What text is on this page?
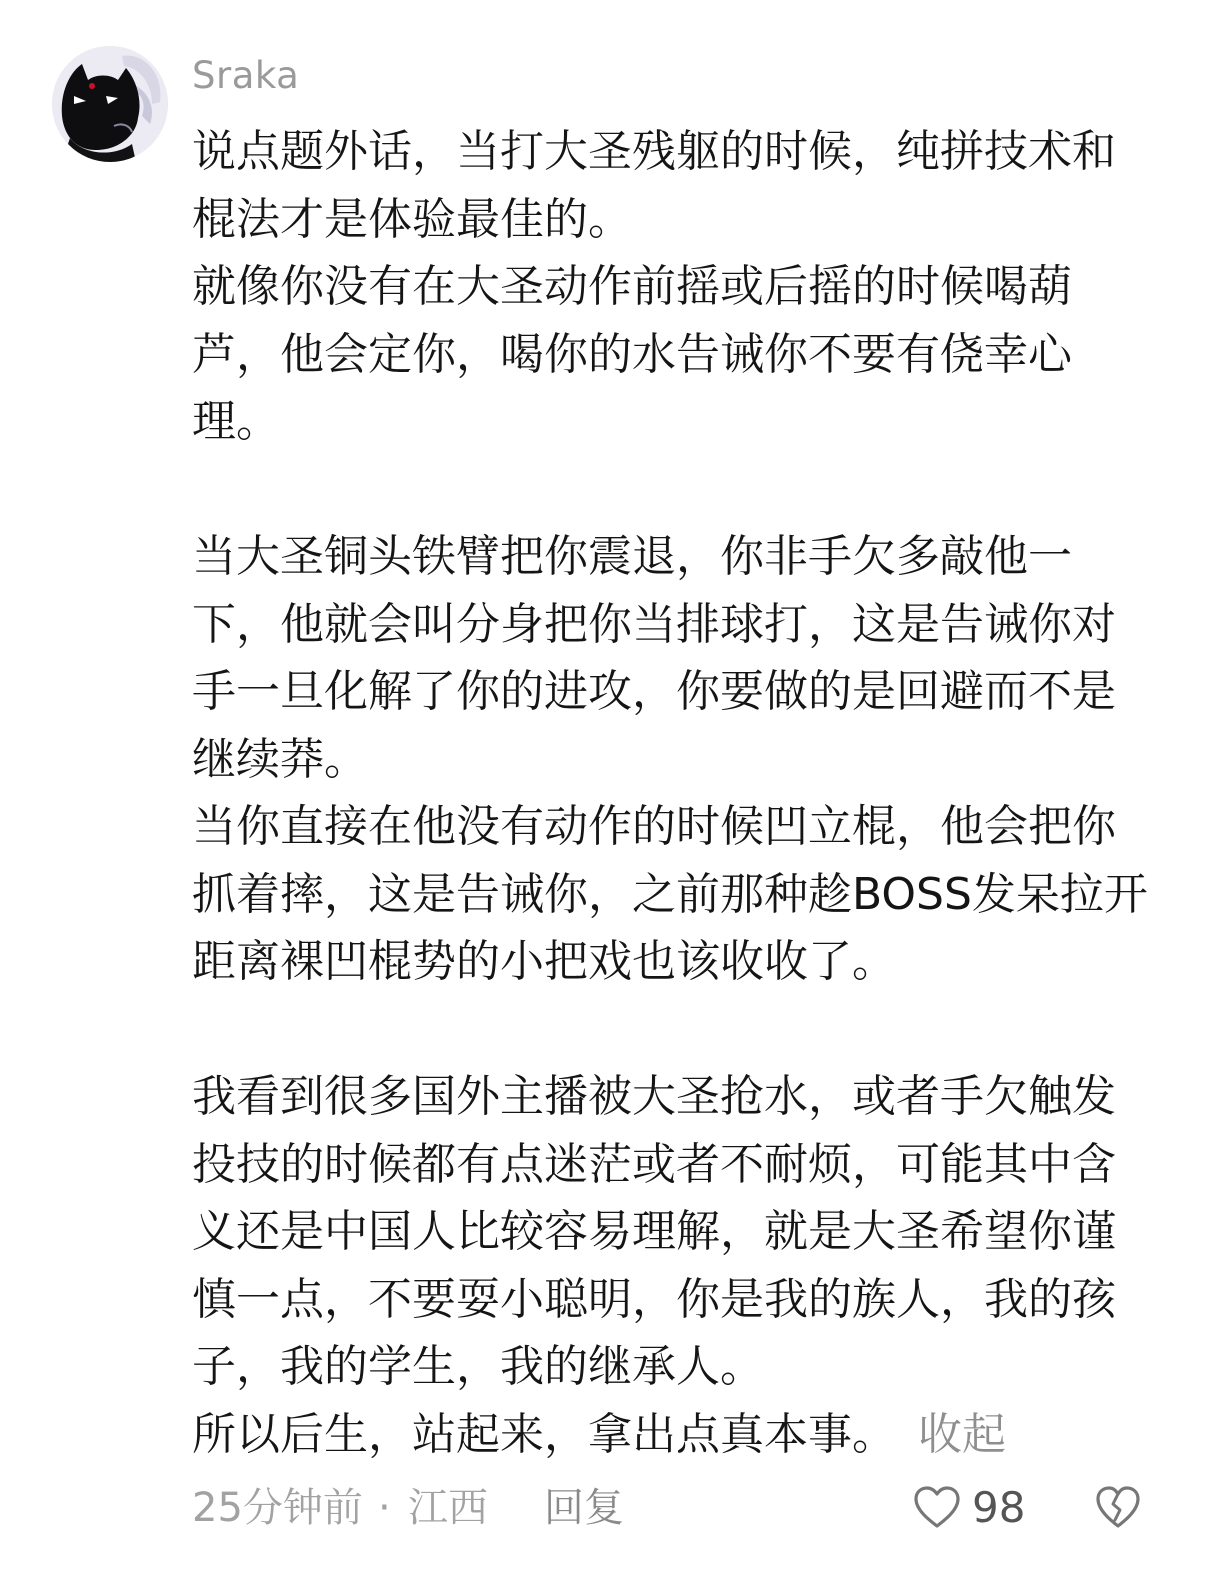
Sraka

说点题外话，当打大圣残躯的时候，纯拼技术和棍法才是体验最佳的。

就像你没有在大圣动作前摇或后摇的时候喝葫芦，他会定你，喝你的水告诫你不要有侥幸心理。

当大圣铜头铁臂把你震退，你非手欠多敲他一下，他就会叫分身把你当排球打，这是告诫你对手一旦化解了你的进攻，你要做的是回避而不是继续莽。

当你直接在他没有动作的时候凹立棍，他会把你抓着摔，这是告诫你，之前那种趁BOSS发呆拉开距离裸凹棍势的小把戏也该收收了。

我看到很多国外主播被大圣抢水，或者手欠触发投技的时候都有点迷茫或者不耐烦，可能其中含义还是中国人比较容易理解，就是大圣希望你谨慎一点，不要耍小聪明，你是我的族人，我的孩子，我的学生，我的继承人。

所以后生，站起来，拿出点真本事。 收起

25分钟前 · 江西 回复	98
